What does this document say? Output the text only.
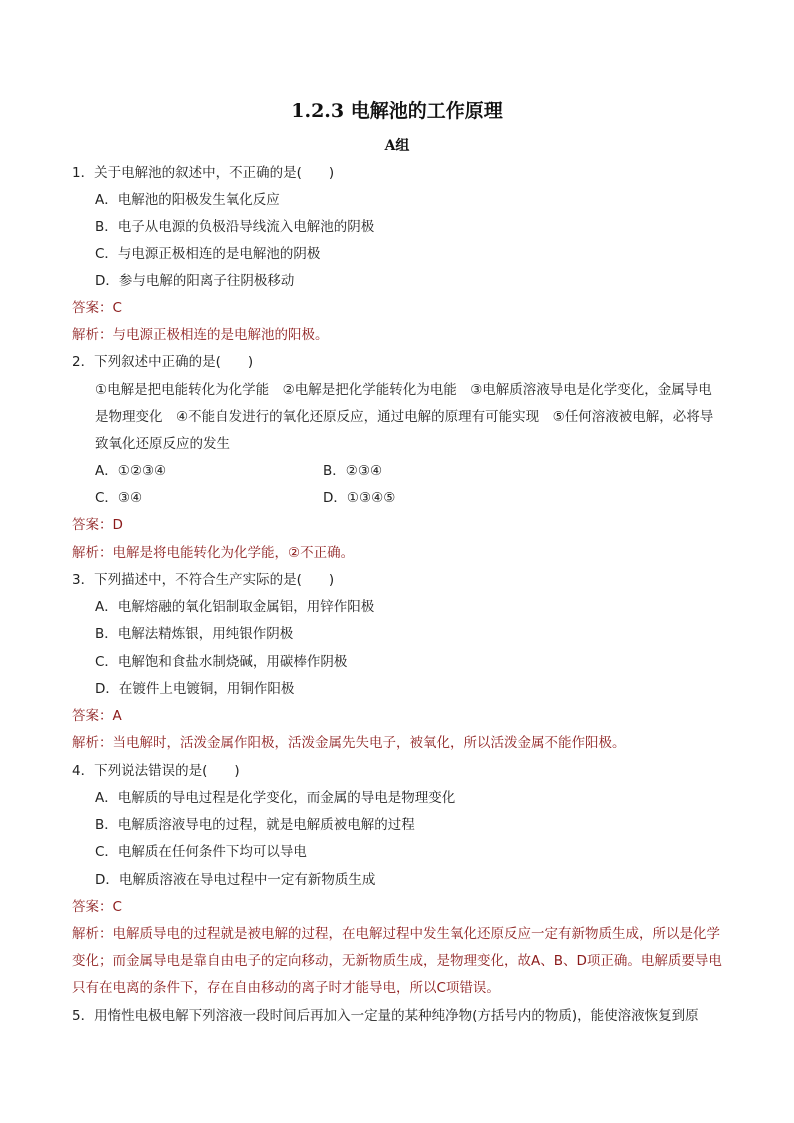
1.2.3 电解池的工作原理
A组
1．关于电解池的叙述中，不正确的是(　　)
A．电解池的阳极发生氧化反应
B．电子从电源的负极沿导线流入电解池的阴极
C．与电源正极相连的是电解池的阴极
D．参与电解的阳离子往阴极移动
答案：C
解析：与电源正极相连的是电解池的阳极。
2．下列叙述中正确的是(　　)
①电解是把电能转化为化学能　②电解是把化学能转化为电能　③电解质溶液导电是化学变化，金属导电是物理变化　④不能自发进行的氧化还原反应，通过电解的原理有可能实现　⑤任何溶液被电解，必将导致氧化还原反应的发生
A．①②③④	B．②③④
C．③④	D．①③④⑤
答案：D
解析：电解是将电能转化为化学能，②不正确。
3．下列描述中，不符合生产实际的是(　　)
A．电解熔融的氧化铝制取金属铝，用锌作阳极
B．电解法精炼银，用纯银作阴极
C．电解饱和食盐水制烧碱，用碳棒作阴极
D．在镀件上电镀铜，用铜作阳极
答案：A
解析：当电解时，活泼金属作阳极，活泼金属先失电子，被氧化，所以活泼金属不能作阳极。
4．下列说法错误的是(　　)
A．电解质的导电过程是化学变化，而金属的导电是物理变化
B．电解质溶液导电的过程，就是电解质被电解的过程
C．电解质在任何条件下均可以导电
D．电解质溶液在导电过程中一定有新物质生成
答案：C
解析：电解质导电的过程就是被电解的过程，在电解过程中发生氧化还原反应一定有新物质生成，所以是化学变化；而金属导电是靠自由电子的定向移动，无新物质生成，是物理变化，故A、B、D项正确。电解质要导电只有在电离的条件下，存在自由移动的离子时才能导电，所以C项错误。
5．用惰性电极电解下列溶液一段时间后再加入一定量的某种纯净物(方括号内的物质)，能使溶液恢复到原
